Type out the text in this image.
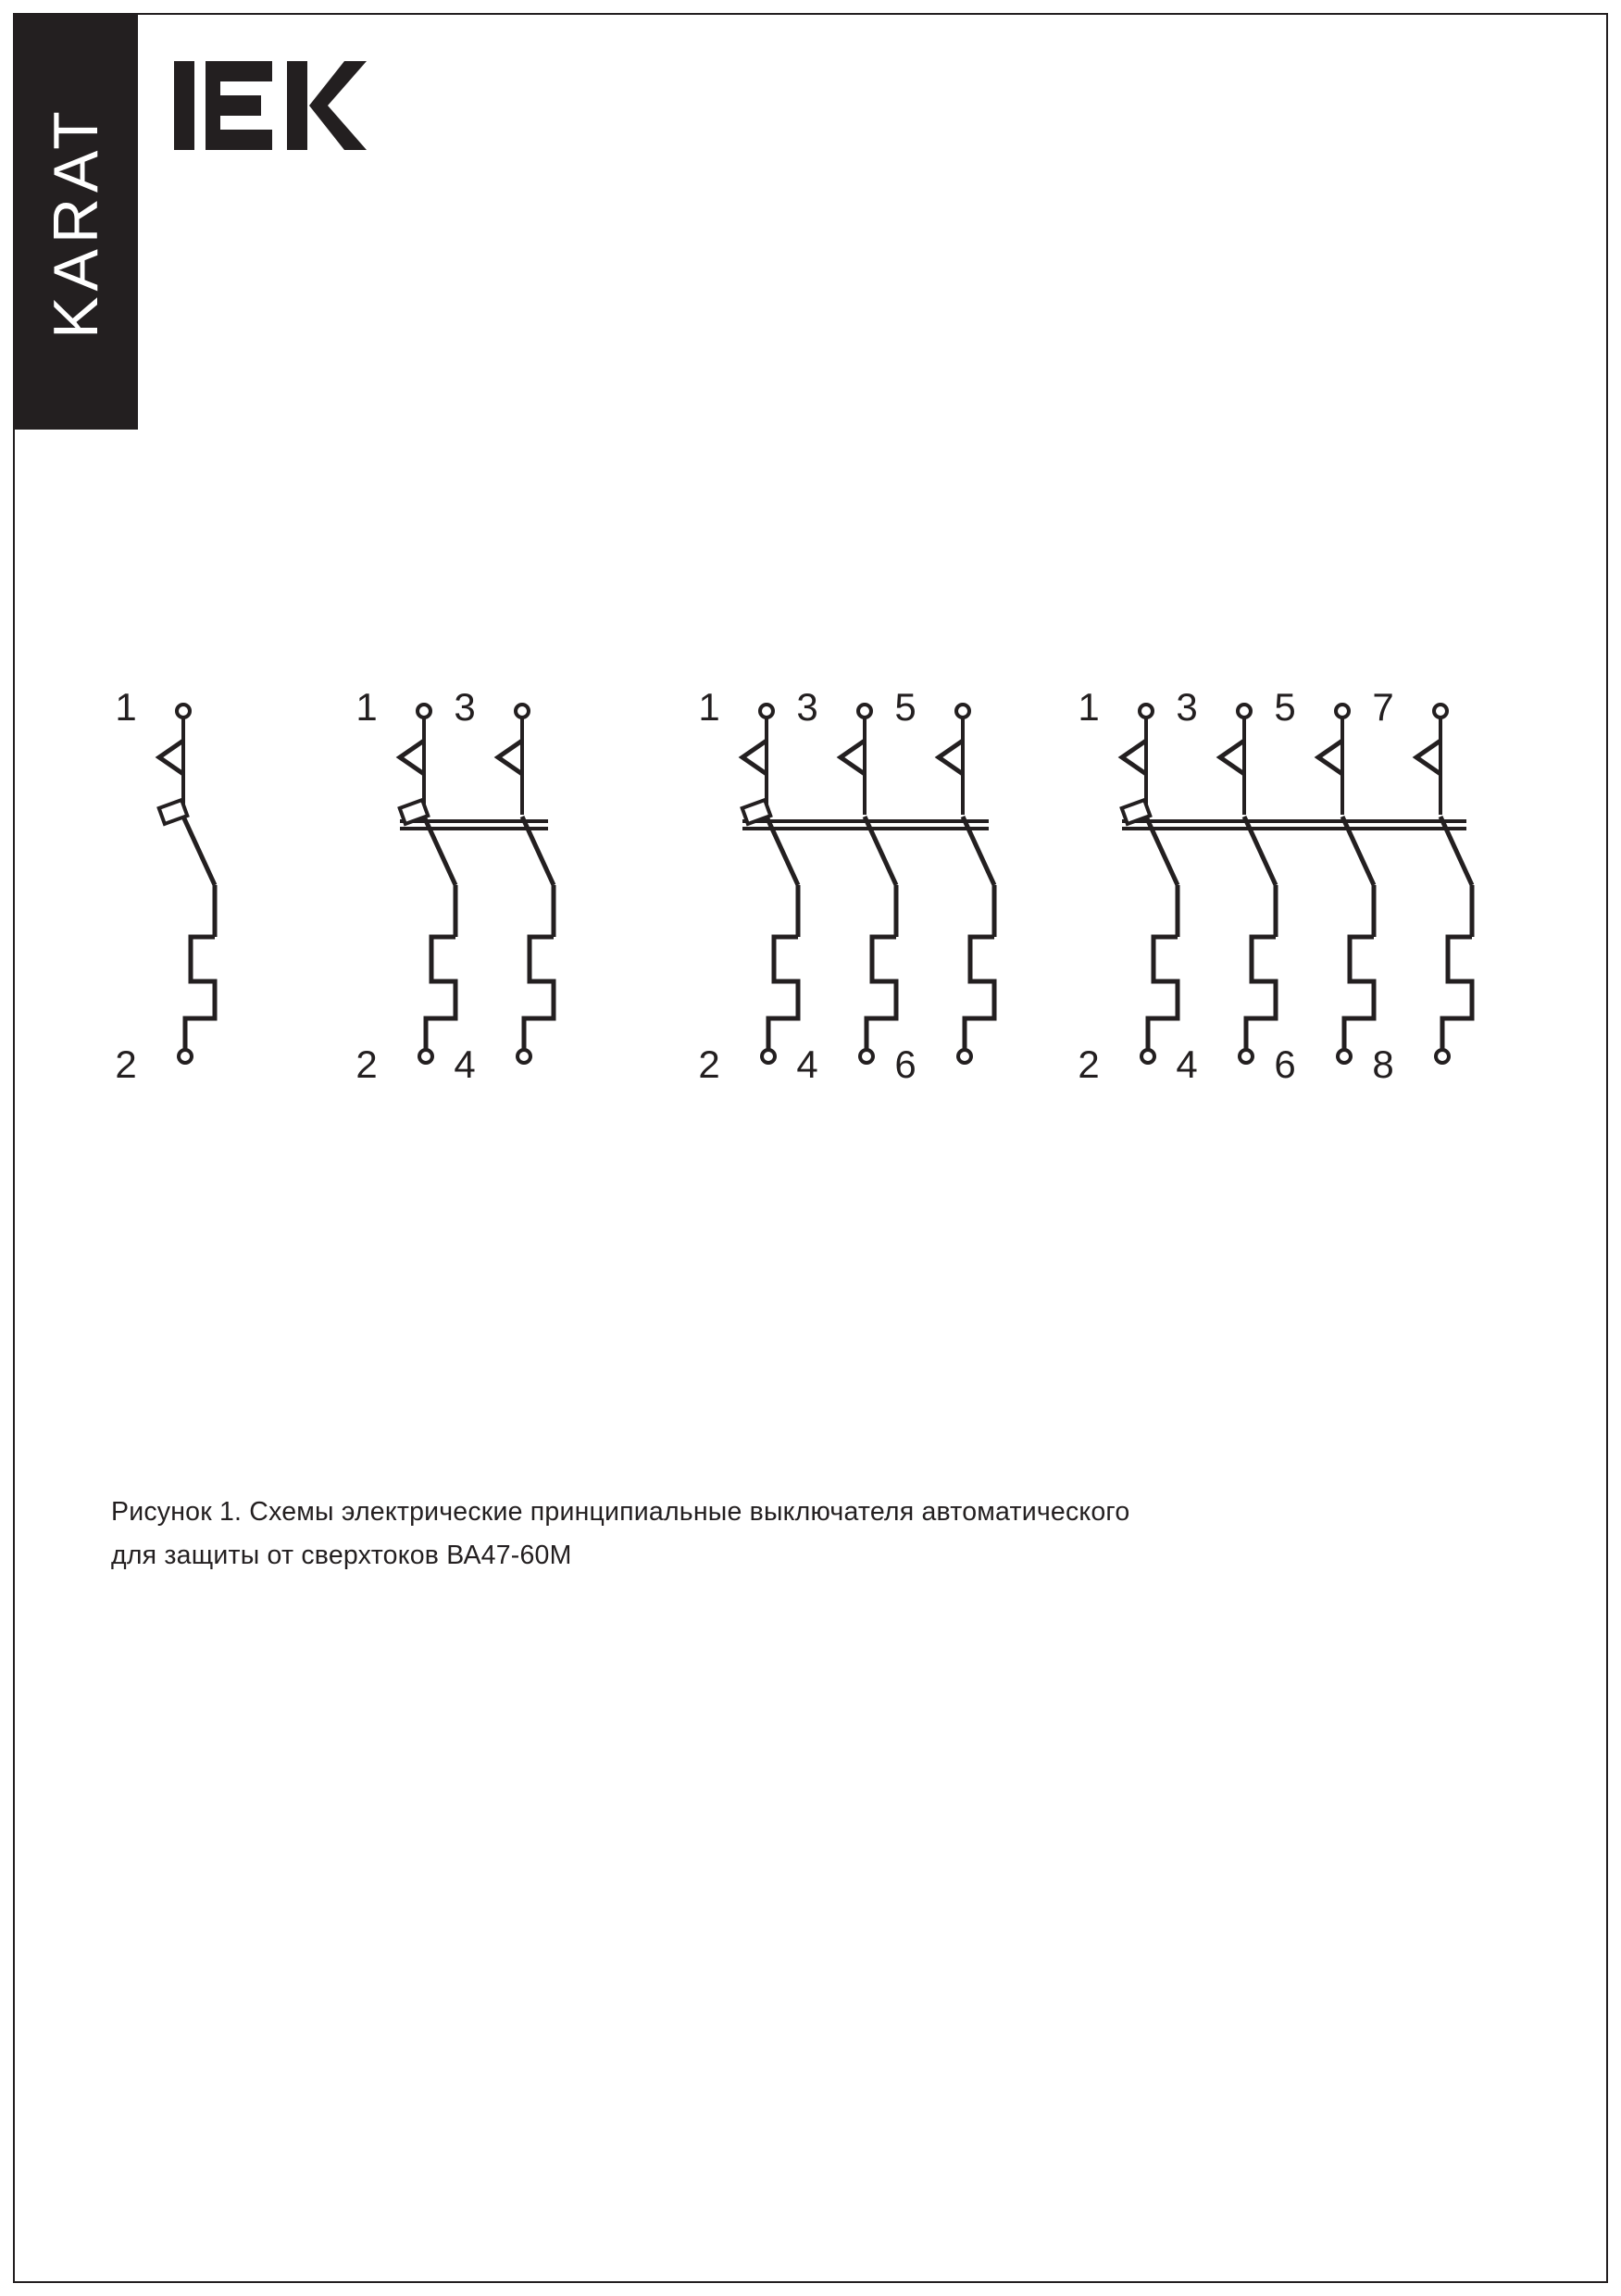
KARAT
1
2
1 3
2 4
1 3 5
2 4 6
1 3 5 7
2 4 6 8
Рисунок 1. Схемы электрические принципиальные выключателя автоматического
для защиты от сверхтоков ВА47-60М
